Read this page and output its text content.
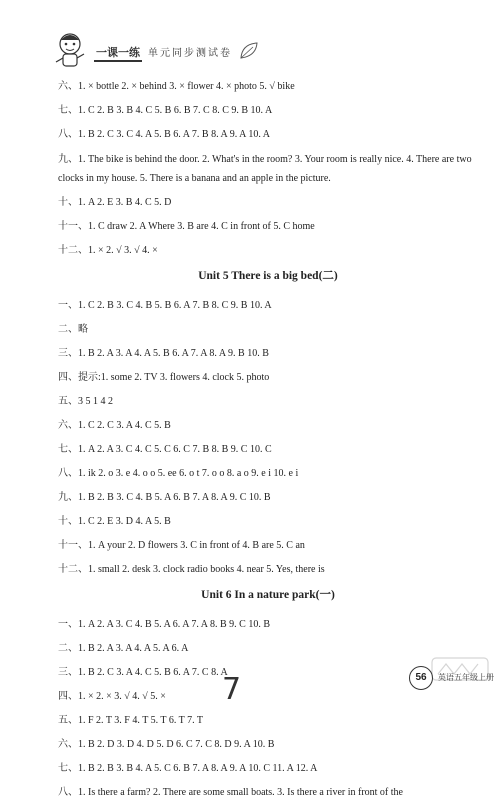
一课一练 单元同步测试卷

六、1. × bottle 2. × behind 3. × flower 4. × photo 5. √ bike

七、1. C 2. B 3. B 4. C 5. B 6. B 7. C 8. C 9. B 10. A

八、1. B 2. C 3. C 4. A 5. B 6. A 7. B 8. A 9. A 10. A

九、1. The bike is behind the door. 2. What's in the room? 3. Your room is really nice. 4. There are two clocks in my house. 5. There is a banana and an apple in the picture.

十、1. A 2. E 3. B 4. C 5. D

十一、1. C draw 2. A Where 3. B are 4. C in front of 5. C home

十二、1. × 2. √ 3. √ 4. ×

Unit 5 There is a big bed(二)

一、1. C 2. B 3. C 4. B 5. B 6. A 7. B 8. C 9. B 10. A

二、略

三、1. B 2. A 3. A 4. A 5. B 6. A 7. A 8. A 9. B 10. B

四、提示:1. some 2. TV 3. flowers 4. clock 5. photo

五、3 5 1 4 2

六、1. C 2. C 3. A 4. C 5. B

七、1. A 2. A 3. C 4. C 5. C 6. C 7. B 8. B 9. C 10. C

八、1. ik 2. o 3. e 4. o o 5. ee 6. o t 7. o o 8. a o 9. e i 10. e i

九、1. B 2. B 3. C 4. B 5. A 6. B 7. A 8. A 9. C 10. B

十、1. C 2. E 3. D 4. A 5. B

十一、1. A your 2. D flowers 3. C in front of 4. B are 5. C an

十二、1. small 2. desk 3. clock radio books 4. near 5. Yes, there is

Unit 6 In a nature park(一)

一、1. A 2. A 3. C 4. B 5. A 6. A 7. A 8. B 9. C 10. B

二、1. B 2. A 3. A 4. A 5. A 6. A

三、1. B 2. C 3. A 4. C 5. B 6. A 7. C 8. A

四、1. × 2. × 3. √ 4. √ 5. ×

五、1. F 2. T 3. F 4. T 5. T 6. T 7. T

六、1. B 2. D 3. D 4. D 5. D 6. C 7. C 8. D 9. A 10. B

七、1. B 2. B 3. B 4. A 5. C 6. B 7. A 8. A 9. A 10. C 11. A 12. A

八、1. Is there a farm? 2. There are some small boats. 3. Is there a river in front of the

7	56	英语五年级上册
